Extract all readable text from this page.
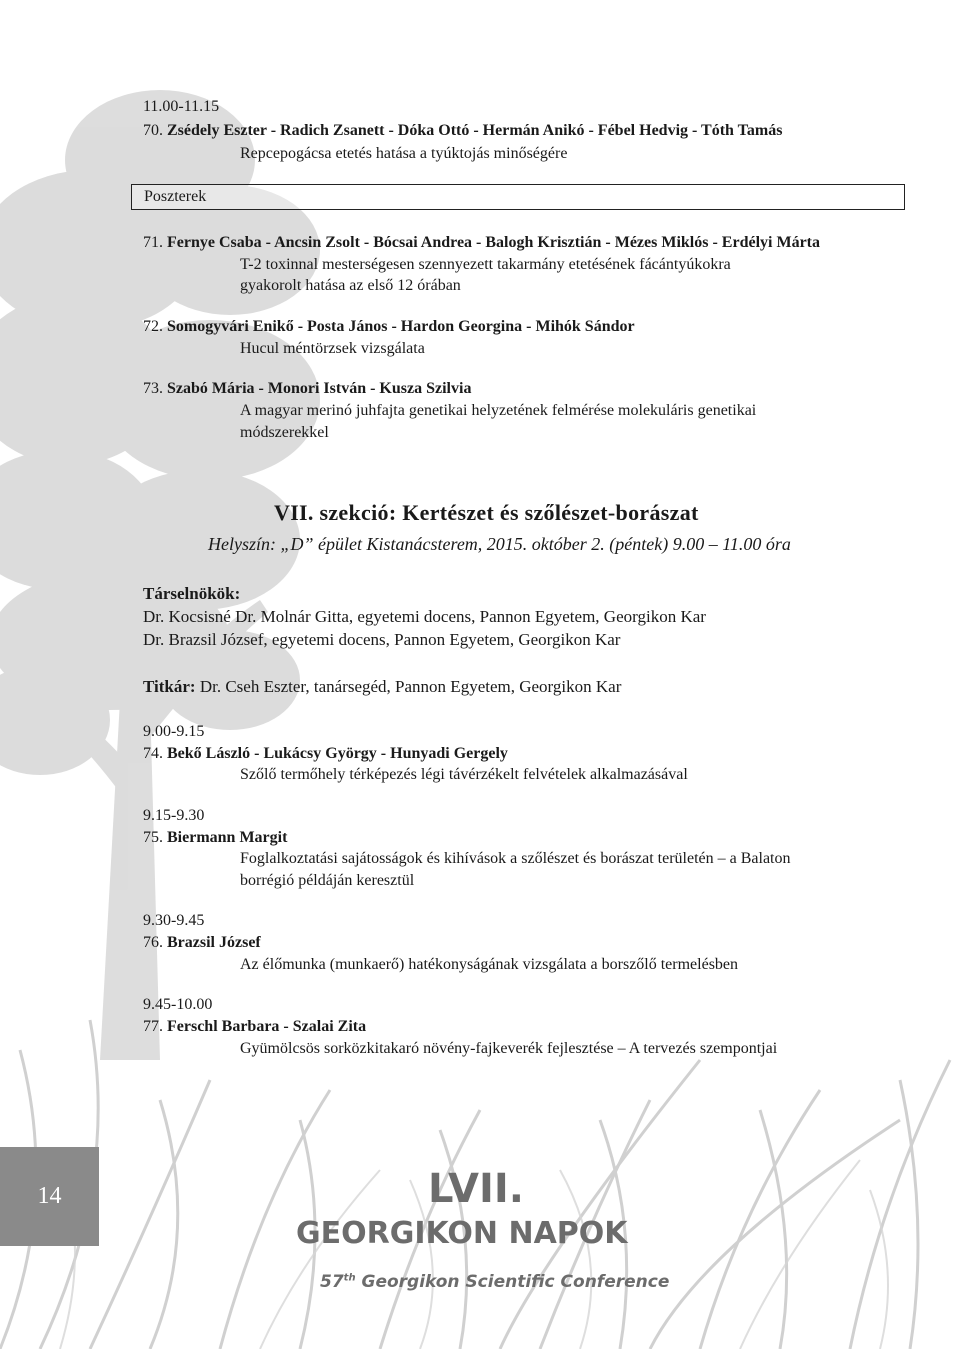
11.00-11.15
70. Zsédely Eszter - Radich Zsanett - Dóka Ottó - Hermán Anikó - Fébel Hedvig - Tóth Tamás
Repcepogácsa etetés hatása a tyúktojás minőségére
Poszterek
71. Fernye Csaba - Ancsin Zsolt - Bócsai Andrea - Balogh Krisztián - Mézes Miklós - Erdélyi Márta
T-2 toxinnal mesterségesen szennyezett takarmány etetésének fácántyúkokra
gyakorolt hatása az első 12 órában
72. Somogyvári Enikő - Posta János - Hardon Georgina - Mihók Sándor
Hucul méntörzsek vizsgálata
73. Szabó Mária - Monori István - Kusza Szilvia
A magyar merinó juhfajta genetikai helyzetének felmérése molekuláris genetikai
módszerekkel
VII. szekció: Kertészet és szőlészet-borászat
Helyszín: „D” épület Kistanácsterem, 2015. október 2. (péntek) 9.00 – 11.00 óra
Társelnökök:
Dr. Kocsisné Dr. Molnár Gitta, egyetemi docens, Pannon Egyetem, Georgikon Kar
Dr. Brazsil József, egyetemi docens, Pannon Egyetem, Georgikon Kar
Titkár: Dr. Cseh Eszter, tanársegéd, Pannon Egyetem, Georgikon Kar
9.00-9.15
74. Bekő László - Lukácsy György - Hunyadi Gergely
Szőlő termőhely térképezés légi távérzékelt felvételek alkalmazásával
9.15-9.30
75. Biermann Margit
Foglalkoztatási sajátosságok és kihívások a szőlészet és borászat területén – a Balaton
borrégió példáján keresztül
9.30-9.45
76. Brazsil József
Az élőmunka (munkaerő) hatékonyságának vizsgálata a borszőlő termelésben
9.45-10.00
77. Ferschl Barbara - Szalai Zita
Gyümölcsös sorközkitakaró növény-fajkeverék fejlesztése – A tervezés szempontjai
14	LVII.
GEORGIKON NAPOK
57th Georgikon Scientific Conference
